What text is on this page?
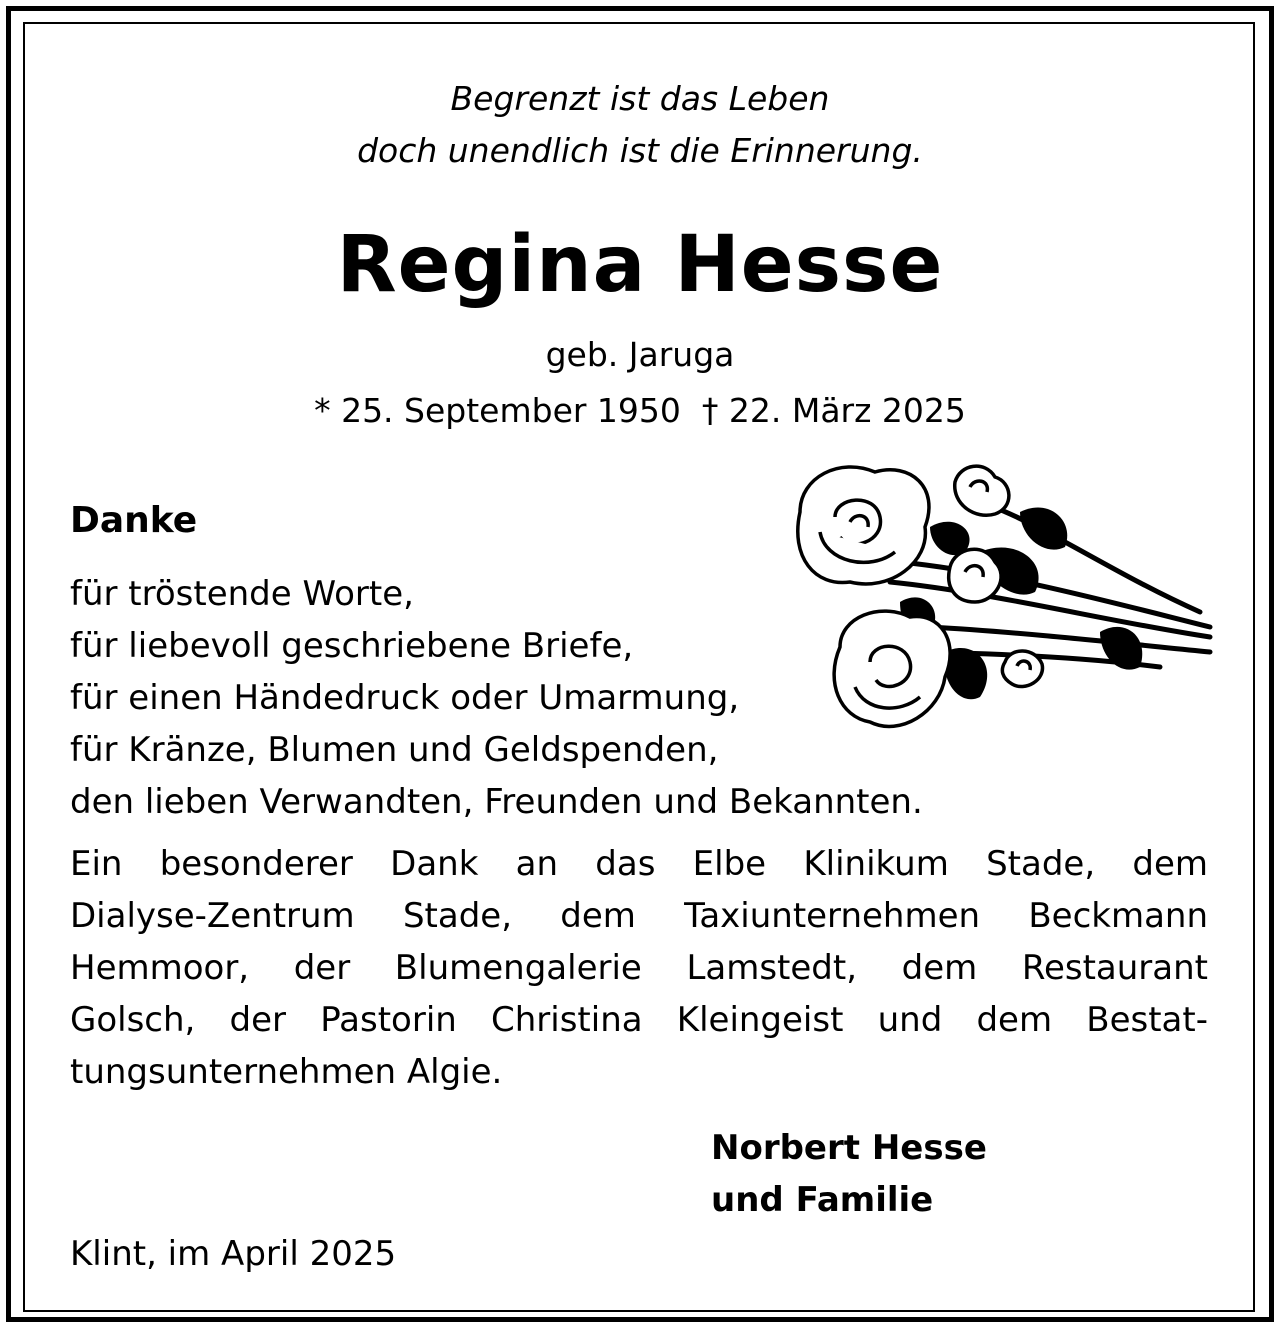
Begrenzt ist das Leben

doch unendlich ist die Erinnerung.

Regina Hesse

geb. Jaruga

* 25. September 1950  † 22. März 2025

Danke

für tröstende Worte,

für liebevoll geschriebene Briefe,

für einen Händedruck oder Umarmung,

für Kränze, Blumen und Geldspenden,

den lieben Verwandten, Freunden und Bekannten.

Ein besonderer Dank an das Elbe Klinikum Stade, dem
Dialyse-Zentrum Stade, dem Taxiunternehmen Beckmann
Hemmoor, der Blumengalerie Lamstedt, dem Restaurant
Golsch, der Pastorin Christina Kleingeist und dem Bestat-
tungsunternehmen Algie.

Norbert Hesse

und Familie

Klint, im April 2025
